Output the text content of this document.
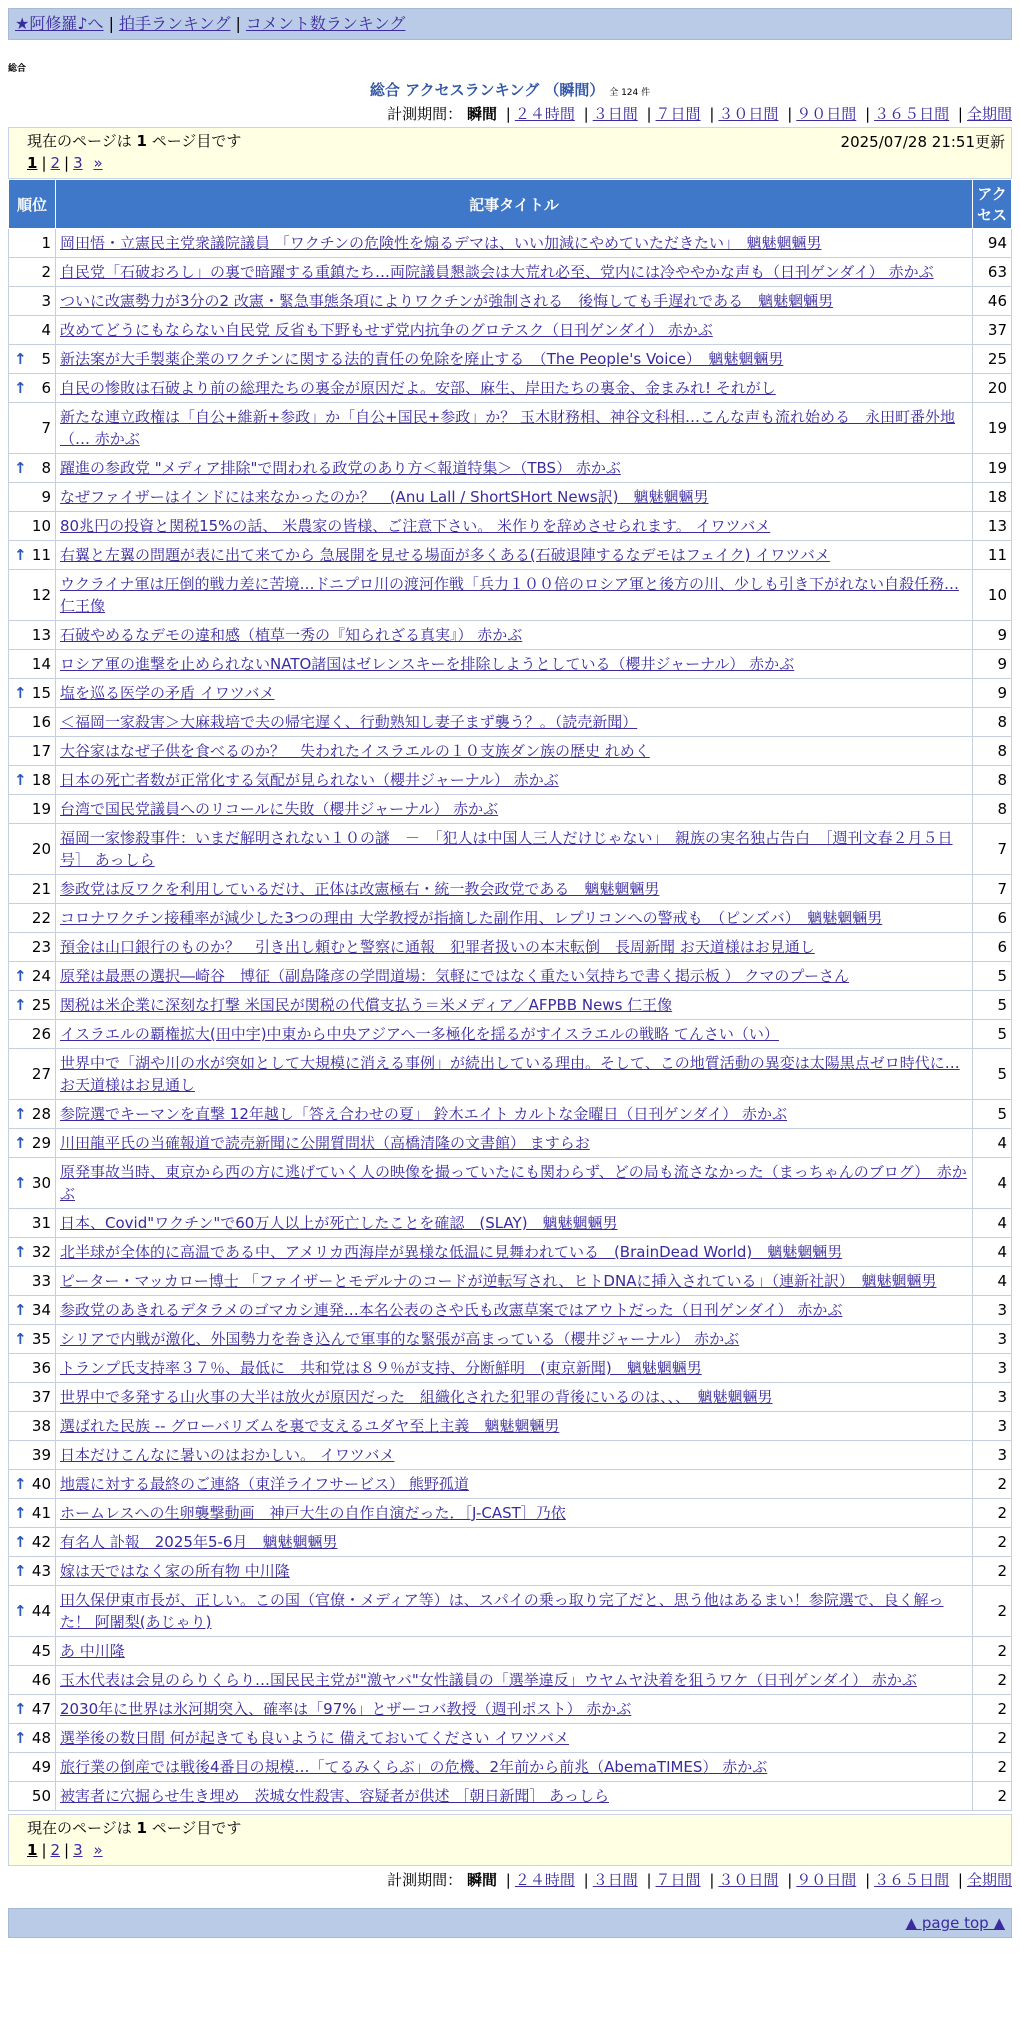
★阿修羅♪へ | 拍手ランキング | コメント数ランキング
総合
総合 アクセスランキング （瞬間） 全 124 件
計測期間： 瞬間 | ２４時間 | ３日間 | ７日間 | ３０日間 | ９０日間 | ３６５日間 | 全期間
現在のページは 1 ページ目です	2025/07/28 21:51更新
1 | 2 | 3 »
順位	記事タイトル	アクセス
1	岡田悟・立憲民主党衆議院議員 「ワクチンの危険性を煽るデマは、いい加減にやめていただきたい」　魑魅魍魎男	94
2	自民党「石破おろし」の裏で暗躍する重鎮たち…両院議員懇談会は大荒れ必至、党内には冷ややかな声も（日刊ゲンダイ） 赤かぶ	63
3	ついに改憲勢力が3分の2 改憲・緊急事態条項によりワクチンが強制される　後悔しても手遅れである　魑魅魍魎男	46
4	改めてどうにもならない自民党 反省も下野もせず党内抗争のグロテスク（日刊ゲンダイ） 赤かぶ	37

↑ 5	新法案が大手製薬企業のワクチンに関する法的責任の免除を廃止する　（The People's Voice）　魑魅魍魎男	25

↑ 6	自民の惨敗は石破より前の総理たちの裏金が原因だよ。安部、麻生、岸田たちの裏金、金まみれ! それがし	20
7	新たな連立政権は「自公+維新+参政」か「自公+国民+参政」か？ 玉木財務相、神谷文科相…こんな声も流れ始める　永田町番外地（… 赤かぶ	19

↑ 8	躍進の参政党 "メディア排除"で問われる政党のあり方＜報道特集＞（TBS） 赤かぶ	19
9	なぜファイザーはインドには来なかったのか？　(Anu Lall / ShortSHort News訳)　魑魅魍魎男	18
10	80兆円の投資と関税15%の話、 米農家の皆様、ご注意下さい。 米作りを辞めさせられます。 イワツバメ	13

↑ 11	右翼と左翼の問題が表に出て来てから 急展開を見せる場面が多くある(石破退陣するなデモはフェイク) イワツバメ	11
12	ウクライナ軍は圧倒的戦力差に苦境…ドニプロ川の渡河作戦「兵力１００倍のロシア軍と後方の川、少しも引き下がれない自殺任務… 仁王像	10
13	石破やめるなデモの違和感（植草一秀の『知られざる真実』） 赤かぶ	9
14	ロシア軍の進撃を止められないNATO諸国はゼレンスキーを排除しようとしている（櫻井ジャーナル） 赤かぶ	9

↑ 15	塩を巡る医学の矛盾 イワツバメ	9
16	＜福岡一家殺害＞大麻栽培で夫の帰宅遅く、行動熟知し妻子まず襲う？。（読売新聞）	8
17	大谷家はなぜ子供を食べるのか？　失われたイスラエルの１０支族ダン族の歴史 れめく	8

↑ 18	日本の死亡者数が正常化する気配が見られない（櫻井ジャーナル） 赤かぶ	8
19	台湾で国民党議員へのリコールに失敗（櫻井ジャーナル） 赤かぶ	8
20	福岡一家惨殺事件：いまだ解明されない１０の謎　－　「犯人は中国人三人だけじゃない」　親族の実名独占告白　［週刊文春２月５日号］ あっしら	7
21	参政党は反ワクを利用しているだけ、正体は改憲極右・統一教会政党である　魑魅魍魎男	7
22	コロナワクチン接種率が減少した3つの理由 大学教授が指摘した副作用、レプリコンへの警戒も　（ピンズバ）　魑魅魍魎男	6
23	預金は山口銀行のものか？　引き出し頼むと警察に通報　犯罪者扱いの本末転倒　長周新聞 お天道様はお見通し	6

↑ 24	原発は最悪の選択―崎谷　博征（副島隆彦の学問道場：気軽にではなく重たい気持ちで書く掲示板 ） クマのプーさん	5

↑ 25	関税は米企業に深刻な打撃 米国民が関税の代償支払う＝米メディア／AFPBB News 仁王像	5
26	イスラエルの覇権拡大(田中宇)中東から中央アジアへ一多極化を揺るがすイスラエルの戦略 てんさい（い）	5
27	世界中で「湖や川の水が突如として大規模に消える事例」が続出している理由。そして、この地質活動の異変は太陽黒点ゼロ時代に… お天道様はお見通し	5

↑ 28	参院選でキーマンを直撃 12年越し「答え合わせの夏」 鈴木エイト カルトな金曜日（日刊ゲンダイ） 赤かぶ	5

↑ 29	川田龍平氏の当確報道で読売新聞に公開質問状（高橋清隆の文書館） ますらお	4

↑ 30	原発事故当時、東京から西の方に逃げていく人の映像を撮っていたにも関わらず、どの局も流さなかった（まっちゃんのブログ）　赤かぶ	4
31	日本、Covid"ワクチン"で60万人以上が死亡したことを確認　(SLAY)　魑魅魍魎男	4

↑ 32	北半球が全体的に高温である中、アメリカ西海岸が異様な低温に見舞われている　(BrainDead World)　魑魅魍魎男	4
33	ピーター・マッカロー博士 「ファイザーとモデルナのコードが逆転写され、ヒトDNAに挿入されている」（連新社訳）　魑魅魍魎男	4

↑ 34	参政党のあきれるデタラメのゴマカシ連発…本名公表のさや氏も改憲草案ではアウトだった（日刊ゲンダイ） 赤かぶ	3

↑ 35	シリアで内戦が激化、外国勢力を巻き込んで軍事的な緊張が高まっている（櫻井ジャーナル） 赤かぶ	3
36	トランプ氏支持率３７％、最低に　共和党は８９％が支持、分断鮮明　(東京新聞)　魑魅魍魎男	3
37	世界中で多発する山火事の大半は放火が原因だった　組織化された犯罪の背後にいるのは、、、　魑魅魍魎男	3
38	選ばれた民族 -- グローバリズムを裏で支えるユダヤ至上主義　魑魅魍魎男	3
39	日本だけこんなに暑いのはおかしい。 イワツバメ	3

↑ 40	地震に対する最終のご連絡（東洋ライフサービス） 熊野孤道	2

↑ 41	ホームレスへの生卵襲撃動画　神戸大生の自作自演だった．［J-CAST］乃依	2

↑ 42	有名人 訃報　2025年5-6月　魑魅魍魎男	2

↑ 43	嫁は天ではなく家の所有物 中川隆	2

↑ 44	田久保伊東市長が、正しい。この国（官僚・メディア等）は、スパイの乗っ取り完了だと、思う他はあるまい！参院選で、良く解った！ 阿闍梨(あじゃり)	2
45	あ 中川隆	2
46	玉木代表は会見のらりくらり…国民民主党が"激ヤバ"女性議員の「選挙違反」ウヤムヤ決着を狙うワケ（日刊ゲンダイ） 赤かぶ	2

↑ 47	2030年に世界は氷河期突入、確率は「97%」とザーコバ教授（週刊ポスト） 赤かぶ	2

↑ 48	選挙後の数日間 何が起きても良いように 備えておいてください イワツバメ	2
49	旅行業の倒産では戦後4番目の規模…「てるみくらぶ」の危機、2年前から前兆（AbemaTIMES） 赤かぶ	2
50	被害者に穴掘らせ生き埋め　茨城女性殺害、容疑者が供述 ［朝日新聞］ あっしら	2
現在のページは 1 ページ目です
1 | 2 | 3 »
計測期間： 瞬間 | ２４時間 | ３日間 | ７日間 | ３０日間 | ９０日間 | ３６５日間 | 全期間
▲ page top ▲
